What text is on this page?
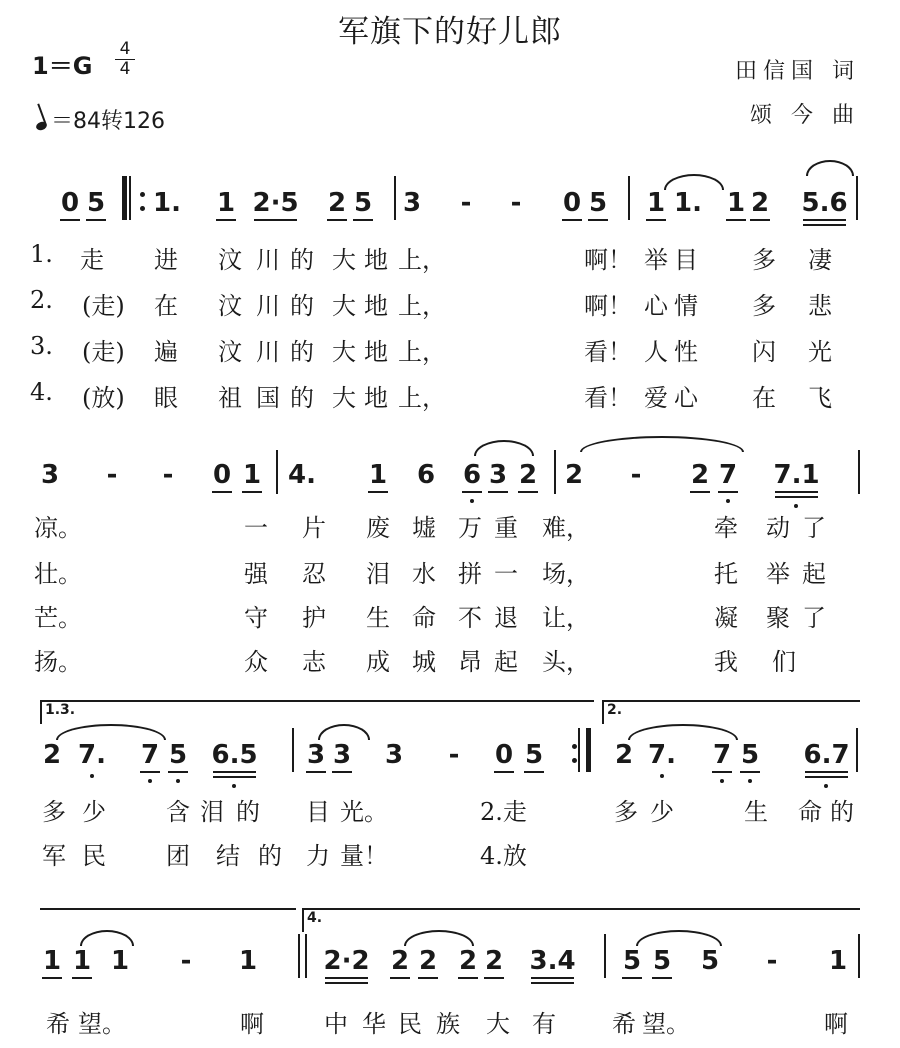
军旗下的好儿郎
1＝G
4
4
＝84转126
田信国 词
颂 今 曲
0 5 1. 1 2·5 2 5 3 - - 0 5 1 1. 1 2 5.6
3 - - 0 1 4. 1 6 6 3 2 2 - 2 7 7.1
2 7. 7 5 6.5 3 3 3 - 0 5	2 7. 7 5 6.7
1 1 1 - 1	2·2 2 2 2 2 3.4 5 5 5 - 1
1.	走 进 汶 川 的 大 地 上，	啊！ 举 目 多 凄
2.	(走)	在 汶 川 的 大 地 上，	啊！ 心 情 多 悲
3.	(走)	遍 汶 川 的 大 地 上，	看！ 人 性 闪 光
4.	(放)	眼 祖 国 的 大 地 上，	看！ 爱 心 在 飞
凉。	一 片 废 墟 万 重 难，	牵 动 了
壮。	强 忍 泪 水 拼 一 场，	托 举 起
芒。	守 护 生 命 不 退 让，	凝 聚 了
扬。	众 志 成 城 昂 起 头，	我 们
多 少	含 泪 的 目 光。	2.走	多 少	生 命 的
军 民	团 结 的 力 量！	4.放
希 望。	啊	中 华 民 族 大 有 希 望。	啊
1.3.	2.
4.
